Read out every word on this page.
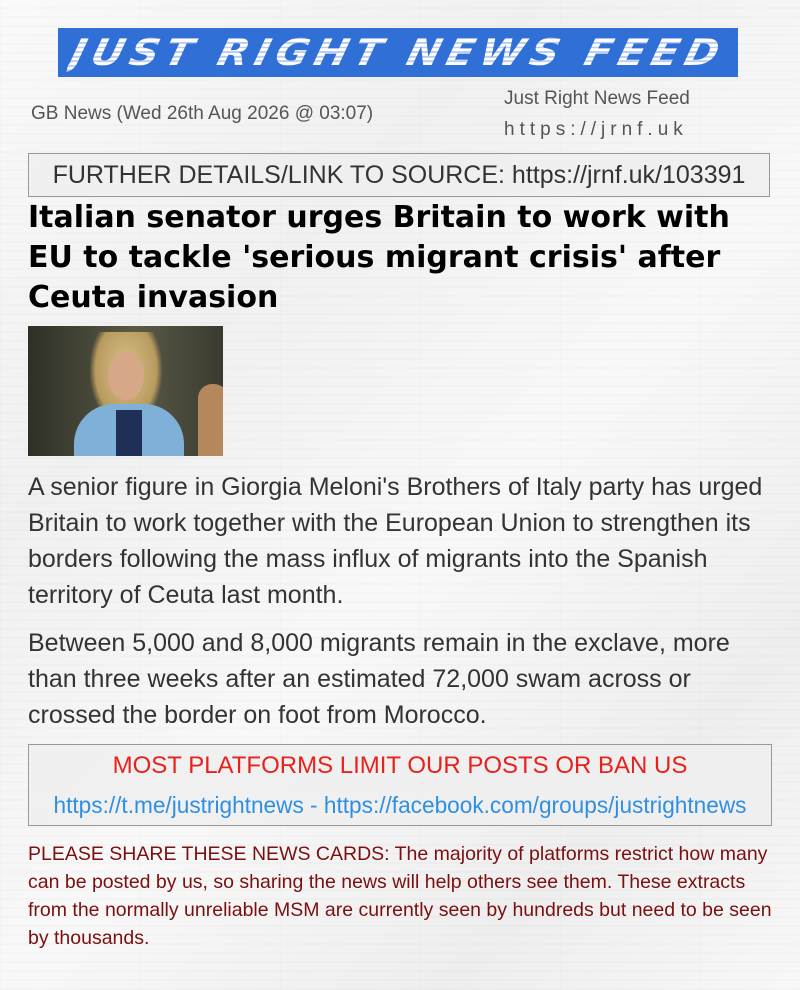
JUST RIGHT NEWS FEED
GB News (Wed 26th Aug 2026 @ 03:07)
Just Right News Feed
https://jrnf.uk
FURTHER DETAILS/LINK TO SOURCE: https://jrnf.uk/103391
Italian senator urges Britain to work with EU to tackle 'serious migrant crisis' after Ceuta invasion

A senior figure in Giorgia Meloni's Brothers of Italy party has urged Britain to work together with the European Union to strengthen its borders following the mass influx of migrants into the Spanish territory of Ceuta last month.

Between 5,000 and 8,000 migrants remain in the exclave, more than three weeks after an estimated 72,000 swam across or crossed the border on foot from Morocco.

MOST PLATFORMS LIMIT OUR POSTS OR BAN US
https://t.me/justrightnews - https://facebook.com/groups/justrightnews

PLEASE SHARE THESE NEWS CARDS: The majority of platforms restrict how many can be posted by us, so sharing the news will help others see them. These extracts from the normally unreliable MSM are currently seen by hundreds but need to be seen by thousands.
